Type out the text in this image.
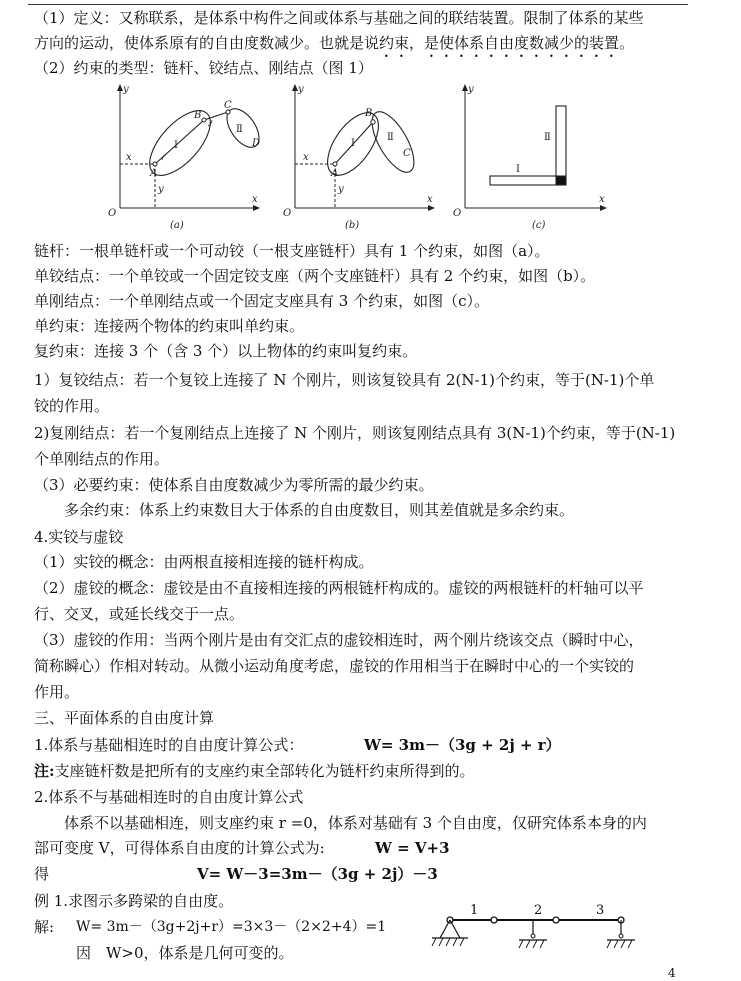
（1）定义：又称联系，是体系中构件之间或体系与基础之间的联结装置。限制了体系的某些
方向的运动，使体系原有的自由度数减少。也就是说约束，是使体系自由度数减少的装置。
（2）约束的类型：链杆、铰结点、刚结点（图 1）
y
x
O
x
y
B
C
Ⅰ
Ⅱ
A
D
(a)
y
x
O
x
y
B
Ⅰ
Ⅱ
A
C
(b)
y
x
O
Ⅰ
Ⅱ
(c)
链杆：一根单链杆或一个可动铰（一根支座链杆）具有 1 个约束，如图（a）。
单铰结点：一个单铰或一个固定铰支座（两个支座链杆）具有 2 个约束，如图（b）。
单刚结点：一个单刚结点或一个固定支座具有 3 个约束，如图（c）。
单约束：连接两个物体的约束叫单约束。
复约束：连接 3 个（含 3 个）以上物体的约束叫复约束。
1）复铰结点：若一个复铰上连接了 N 个刚片，则该复铰具有 2(N-1)个约束，等于(N-1)个单
铰的作用。
2)复刚结点：若一个复刚结点上连接了 N 个刚片，则该复刚结点具有 3(N-1)个约束，等于(N-1)
个单刚结点的作用。
（3）必要约束：使体系自由度数减少为零所需的最少约束。
多余约束：体系上约束数目大于体系的自由度数目，则其差值就是多余约束。
4.实铰与虚铰
（1）实铰的概念：由两根直接相连接的链杆构成。
（2）虚铰的概念：虚铰是由不直接相连接的两根链杆构成的。虚铰的两根链杆的杆轴可以平
行、交叉，或延长线交于一点。
（3）虚铰的作用：当两个刚片是由有交汇点的虚铰相连时，两个刚片绕该交点（瞬时中心，
简称瞬心）作相对转动。从微小运动角度考虑，虚铰的作用相当于在瞬时中心的一个实铰的
作用。
三、平面体系的自由度计算
1.体系与基础相连时的自由度计算公式：	W= 3m－（3g + 2j + r）
注:支座链杆数是把所有的支座约束全部转化为链杆约束所得到的。
2.体系不与基础相连时的自由度计算公式
体系不以基础相连，则支座约束 r =0，体系对基础有 3 个自由度，仅研究体系本身的内
部可变度 V，可得体系自由度的计算公式为:	W = V+3
得	V= W－3=3m－（3g + 2j）－3
例 1.求图示多跨梁的自由度。
解: W= 3m－（3g+2j+r）=3×3－（2×2+4）=1
因　W>0，体系是几何可变的。
1	2	3
4
